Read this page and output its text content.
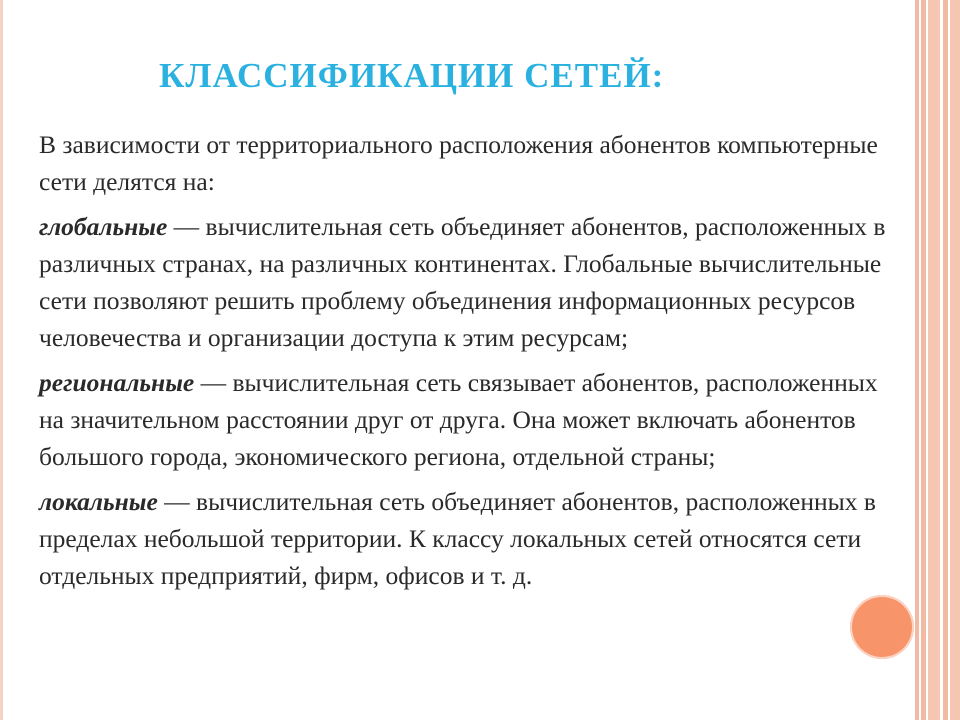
КЛАССИФИКАЦИИ СЕТЕЙ:

В зависимости от территориального расположения абонентов компьютерные сети делятся на:

глобальные — вычислительная сеть объединяет абонентов, расположенных в различных странах, на различных континентах. Глобальные вычислительные сети позволяют решить проблему объединения информационных ресурсов человечества и организации доступа к этим ресурсам;

региональные — вычислительная сеть связывает абонентов, расположенных на значительном расстоянии друг от друга. Она может включать абонентов большого города, экономического региона, отдельной страны;

локальные — вычислительная сеть объединяет абонентов, расположенных в пределах небольшой территории. К классу локальных сетей относятся сети отдельных предприятий, фирм, офисов и т. д.
